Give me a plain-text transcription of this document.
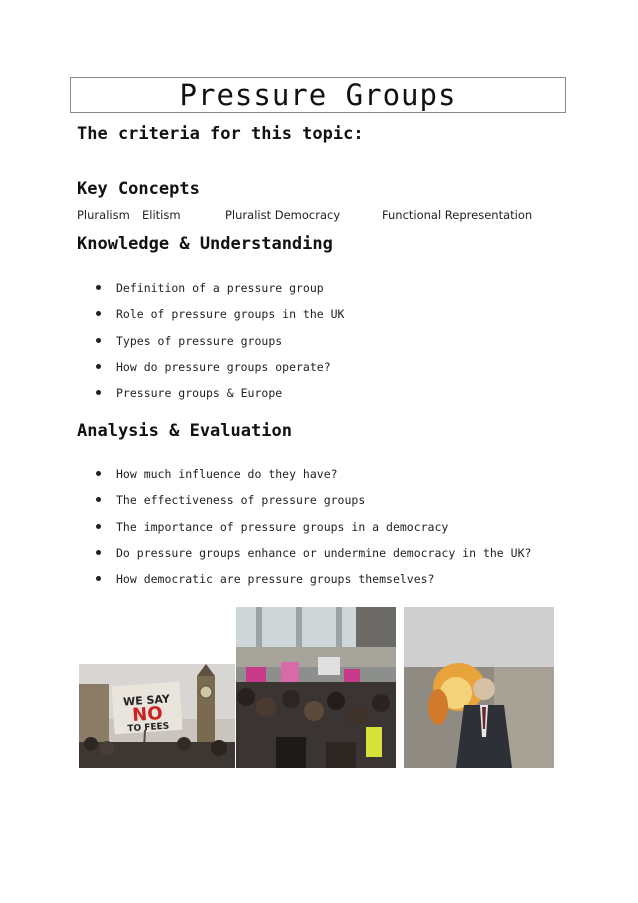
Pressure Groups
The criteria for this topic:
Key Concepts
Pluralism Elitism	Pluralist Democracy	Functional Representation
Knowledge & Understanding
Definition of a pressure group
Role of pressure groups in the UK
Types of pressure groups
How do pressure groups operate?
Pressure groups & Europe
Analysis & Evaluation
How much influence do they have?
The effectiveness of pressure groups
The importance of pressure groups in a democracy
Do pressure groups enhance or undermine democracy in the UK?
How democratic are pressure groups themselves?
WE SAY
NO
TO FEES
